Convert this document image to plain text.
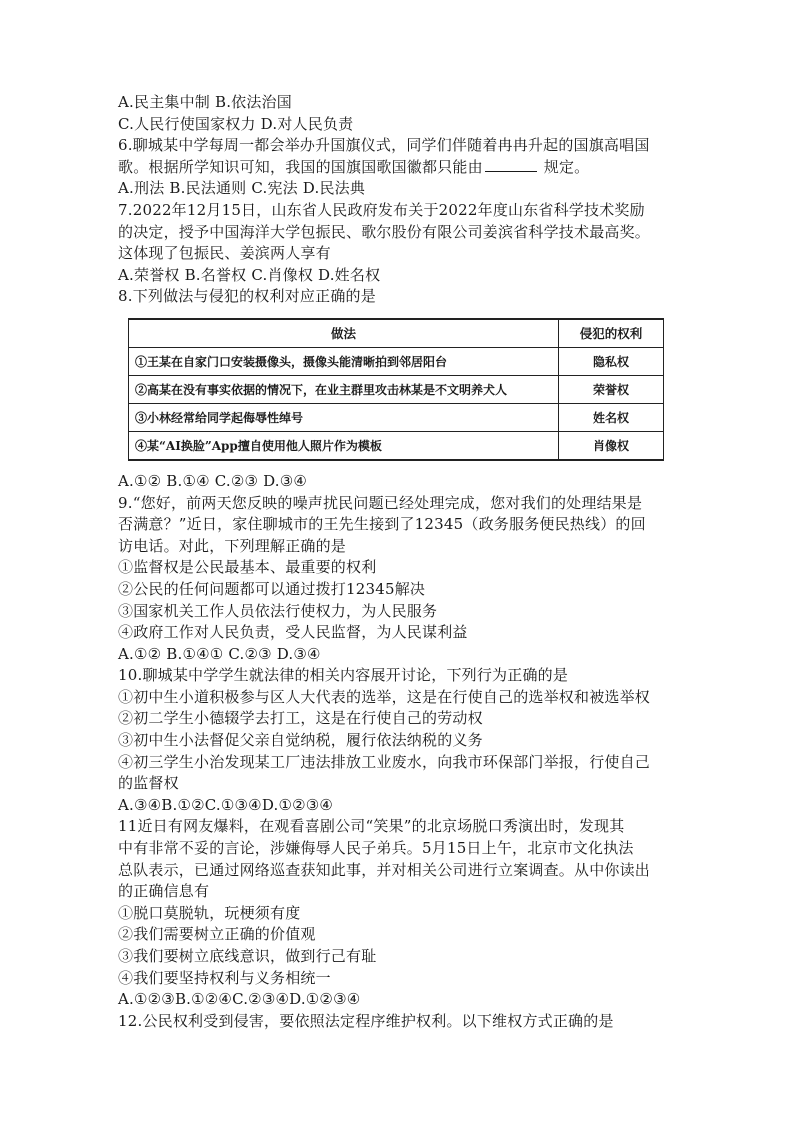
A.民主集中制 B.依法治国
C.人民行使国家权力 D.对人民负责
6.聊城某中学每周一都会举办升国旗仪式，同学们伴随着冉冉升起的国旗高唱国
歌。根据所学知识可知，我国的国旗国歌国徽都只能由	规定。
A.刑法 B.民法通则 C.宪法 D.民法典
7.2022年12月15日，山东省人民政府发布关于2022年度山东省科学技术奖励
的决定，授予中国海洋大学包振民、歌尔股份有限公司姜滨省科学技术最高奖。
这体现了包振民、姜滨两人享有
A.荣誉权 B.名誉权 C.肖像权 D.姓名权
8.下列做法与侵犯的权利对应正确的是
做法	侵犯的权利
①王某在自家门口安装摄像头，摄像头能清晰拍到邻居阳台	隐私权
②高某在没有事实依据的情况下，在业主群里攻击林某是不文明养犬人	荣誉权
③小林经常给同学起侮辱性绰号	姓名权
④某“AI换脸”App擅自使用他人照片作为模板	肖像权
A.①② B.①④ C.②③ D.③④
9.“您好，前两天您反映的噪声扰民问题已经处理完成，您对我们的处理结果是
否满意？”近日，家住聊城市的王先生接到了12345（政务服务便民热线）的回
访电话。对此，下列理解正确的是
①监督权是公民最基本、最重要的权利
②公民的任何问题都可以通过拨打12345解决
③国家机关工作人员依法行使权力，为人民服务
④政府工作对人民负责，受人民监督，为人民谋利益
A.①② B.①④① C.②③ D.③④
10.聊城某中学学生就法律的相关内容展开讨论，下列行为正确的是
①初中生小道积极参与区人大代表的选举，这是在行使自己的选举权和被选举权
②初二学生小德辍学去打工，这是在行使自己的劳动权
③初中生小法督促父亲自觉纳税，履行依法纳税的义务
④初三学生小治发现某工厂违法排放工业废水，向我市环保部门举报，行使自己
的监督权
A.③④B.①②C.①③④D.①②③④
11近日有网友爆料，在观看喜剧公司“笑果”的北京场脱口秀演出时，发现其
中有非常不妥的言论，涉嫌侮辱人民子弟兵。5月15日上午，北京市文化执法
总队表示，已通过网络巡查获知此事，并对相关公司进行立案调查。从中你读出
的正确信息有
①脱口莫脱轨，玩梗须有度
②我们需要树立正确的价值观
③我们要树立底线意识，做到行己有耻
④我们要坚持权利与义务相统一
A.①②③B.①②④C.②③④D.①②③④
12.公民权利受到侵害，要依照法定程序维护权利。以下维权方式正确的是
